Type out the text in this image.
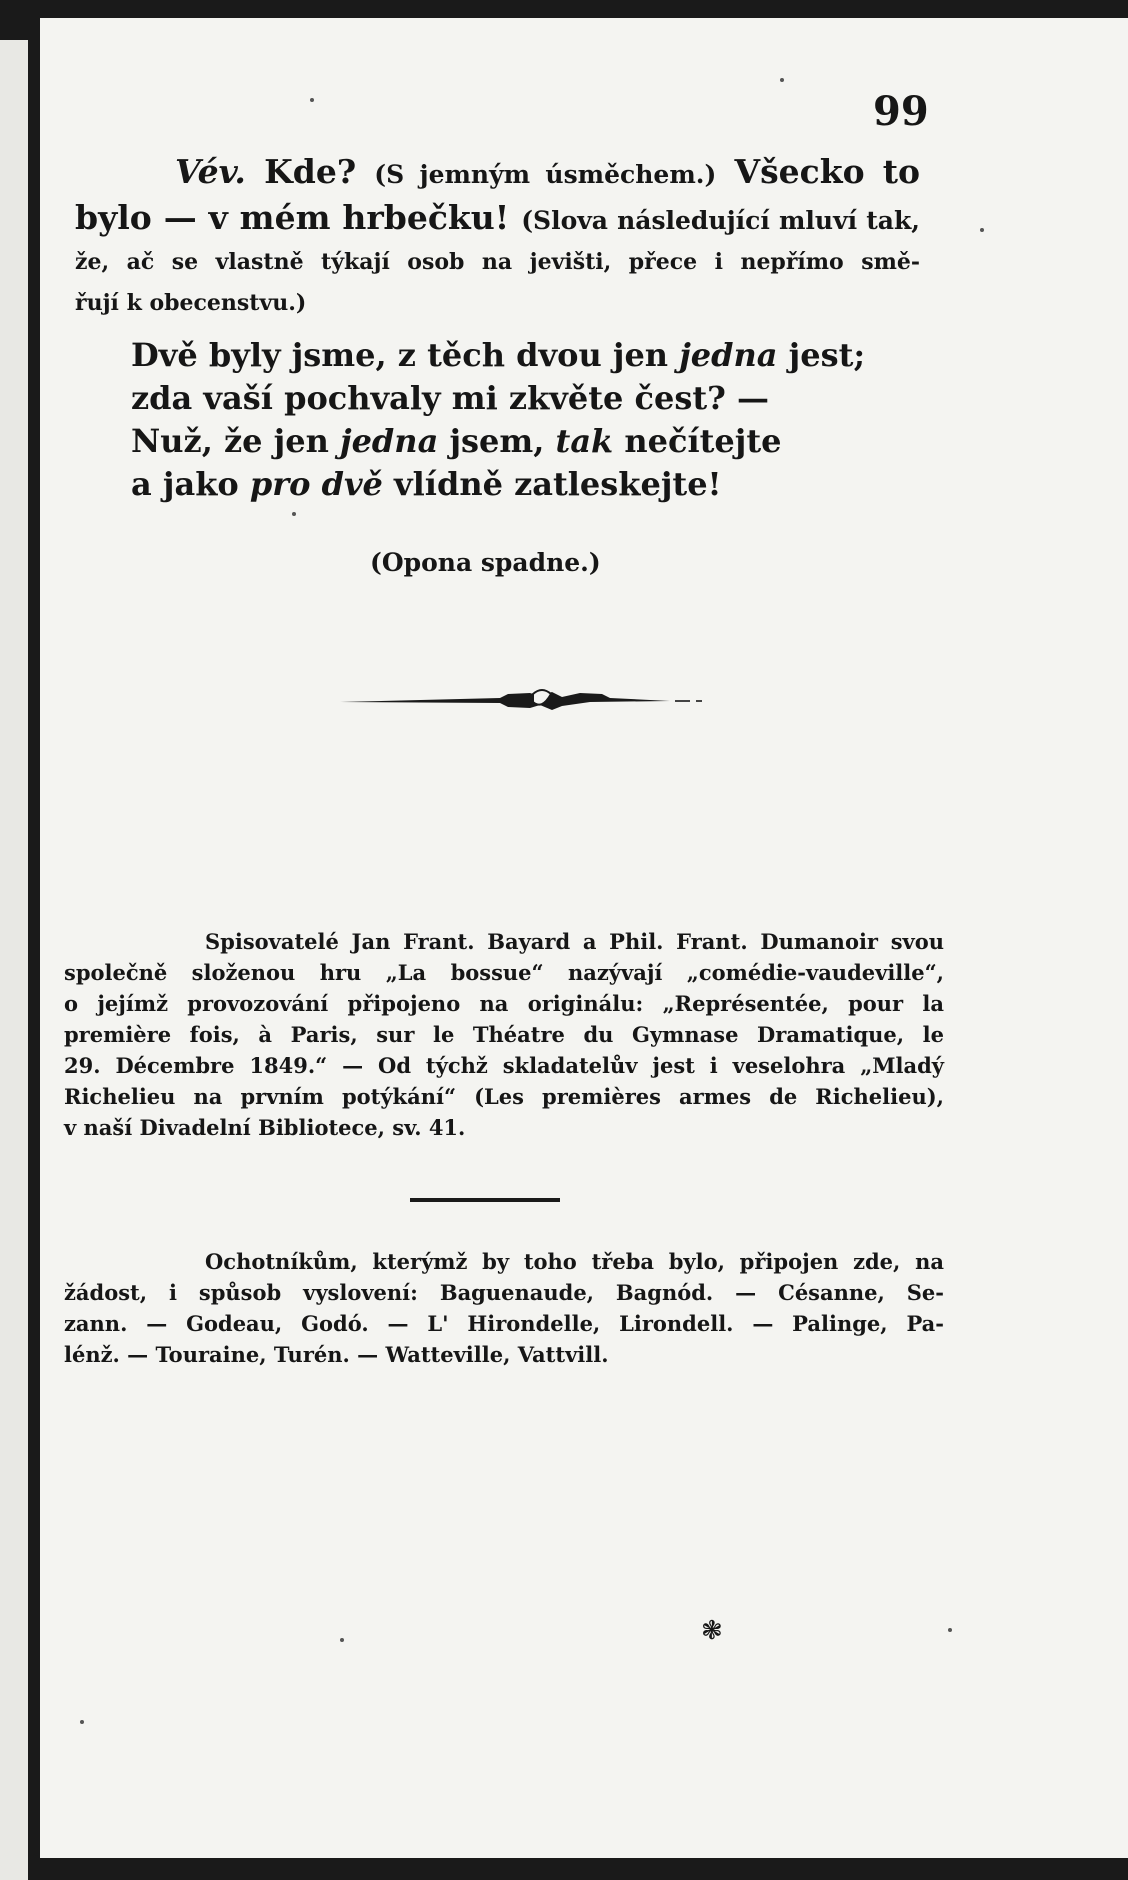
99
Vév. Kde? (S jemným úsměchem.) Všecko to
bylo — v mém hrbečku! (Slova následující mluví tak,
že, ač se vlastně týkají osob na jevišti, přece i nepřímo smě-
řují k obecenstvu.)
Dvě byly jsme, z těch dvou jen jedna jest;
zda vaší pochvaly mi zkvěte čest? —
Nuž, že jen jedna jsem, tak nečítejte
a jako pro dvě vlídně zatleskejte!
(Opona spadne.)
Spisovatelé Jan Frant. Bayard a Phil. Frant. Dumanoir svou
společně složenou hru „La bossue“ nazývají „comédie-vaudeville“,
o jejímž provozování připojeno na originálu: „Représentée, pour la
première fois, à Paris, sur le Théatre du Gymnase Dramatique, le
29. Décembre 1849.“ — Od týchž skladatelův jest i veselohra „Mladý
Richelieu na prvním potýkání“ (Les premières armes de Richelieu),
v naší Divadelní Bibliotece, sv. 41.
Ochotníkům, kterýmž by toho třeba bylo, připojen zde, na
žádost, i spůsob vyslovení: Baguenaude, Bagnód. — Césanne, Se-
zann. — Godeau, Godó. — L' Hirondelle, Lirondell. — Palinge, Pa-
lénž. — Touraine, Turén. — Watteville, Vattvill.
❃
